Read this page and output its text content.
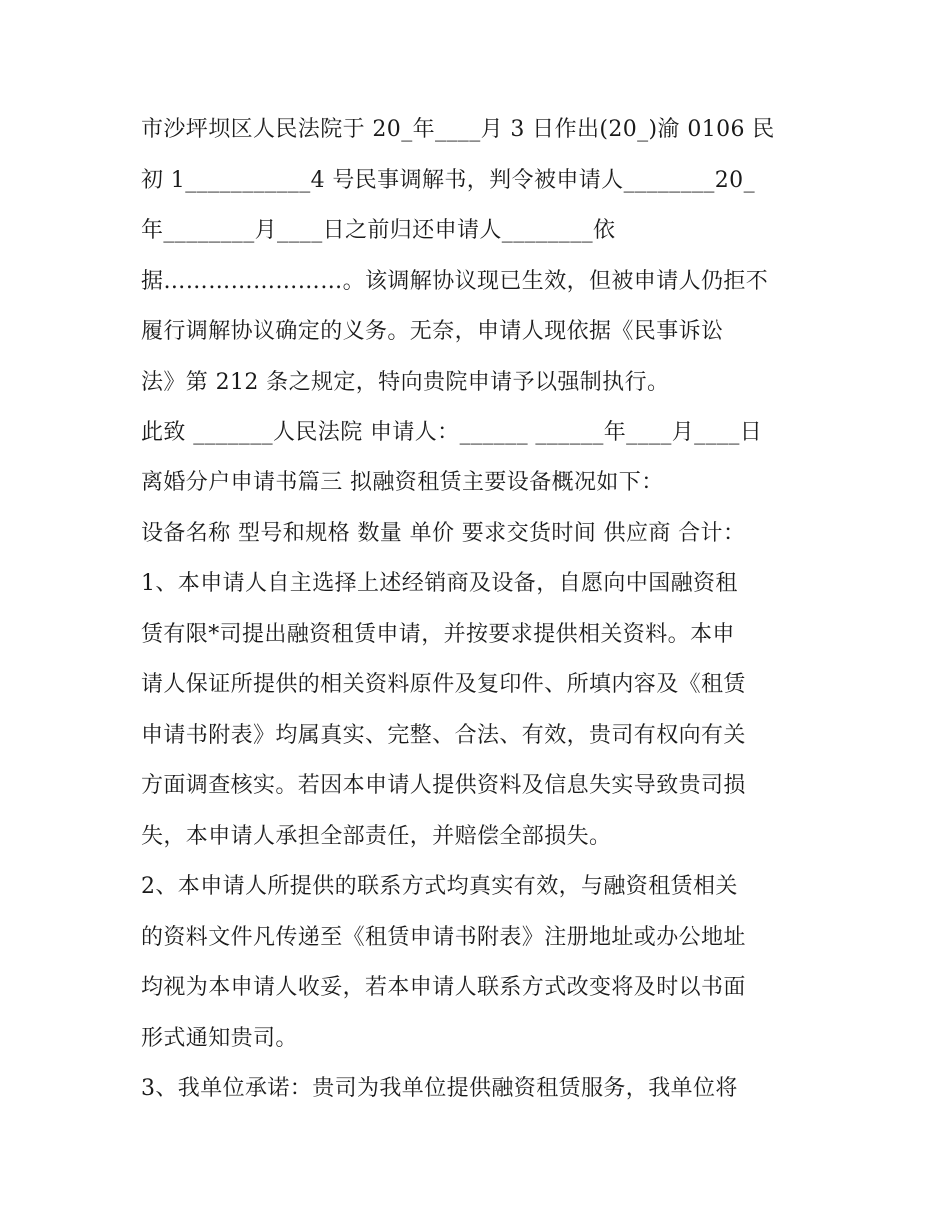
市沙坪坝区人民法院于 20_年____月 3 日作出(20_)渝 0106 民
初 1___________4 号民事调解书，判令被申请人________20_
年________月____日之前归还申请人________依
据……………………。该调解协议现已生效，但被申请人仍拒不
履行调解协议确定的义务。无奈，申请人现依据《民事诉讼
法》第 212 条之规定，特向贵院申请予以强制执行。
此致 _______人民法院 申请人：______ ______年____月____日
离婚分户申请书篇三 拟融资租赁主要设备概况如下：
设备名称 型号和规格 数量 单价 要求交货时间 供应商 合计：
1、本申请人自主选择上述经销商及设备，自愿向中国融资租
赁有限*司提出融资租赁申请，并按要求提供相关资料。本申
请人保证所提供的相关资料原件及复印件、所填内容及《租赁
申请书附表》均属真实、完整、合法、有效，贵司有权向有关
方面调查核实。若因本申请人提供资料及信息失实导致贵司损
失，本申请人承担全部责任，并赔偿全部损失。
2、本申请人所提供的联系方式均真实有效，与融资租赁相关
的资料文件凡传递至《租赁申请书附表》注册地址或办公地址
均视为本申请人收妥，若本申请人联系方式改变将及时以书面
形式通知贵司。
3、我单位承诺：贵司为我单位提供融资租赁服务，我单位将
